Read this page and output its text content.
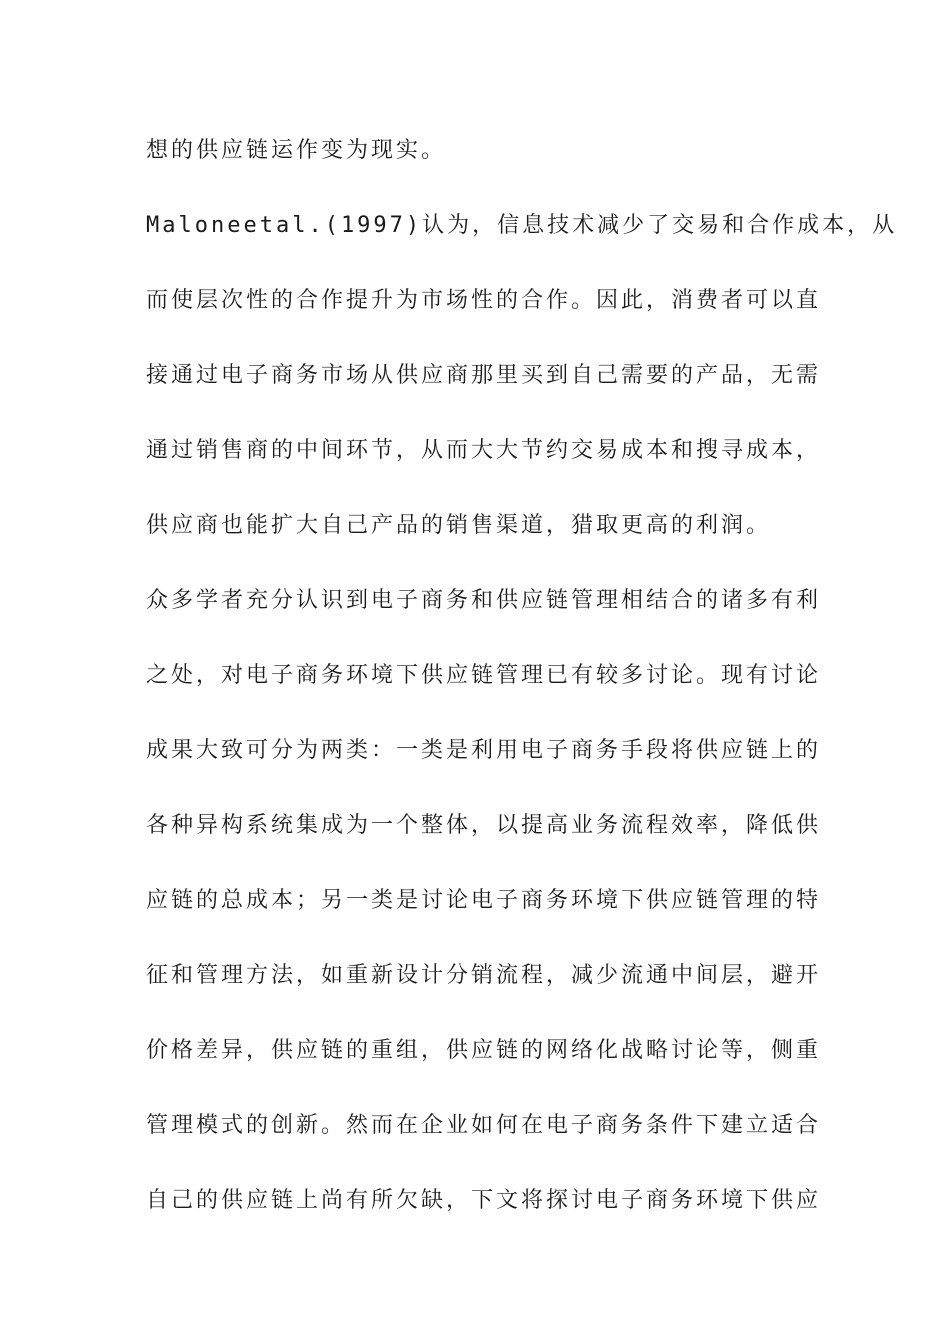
想的供应链运作变为现实。
Maloneetal.(1997)认为，信息技术减少了交易和合作成本，从
而使层次性的合作提升为市场性的合作。因此，消费者可以直
接通过电子商务市场从供应商那里买到自己需要的产品，无需
通过销售商的中间环节，从而大大节约交易成本和搜寻成本，
供应商也能扩大自己产品的销售渠道，猎取更高的利润。
众多学者充分认识到电子商务和供应链管理相结合的诸多有利
之处，对电子商务环境下供应链管理已有较多讨论。现有讨论
成果大致可分为两类：一类是利用电子商务手段将供应链上的
各种异构系统集成为一个整体，以提高业务流程效率，降低供
应链的总成本；另一类是讨论电子商务环境下供应链管理的特
征和管理方法，如重新设计分销流程，减少流通中间层，避开
价格差异，供应链的重组，供应链的网络化战略讨论等，侧重
管理模式的创新。然而在企业如何在电子商务条件下建立适合
自己的供应链上尚有所欠缺，下文将探讨电子商务环境下供应
